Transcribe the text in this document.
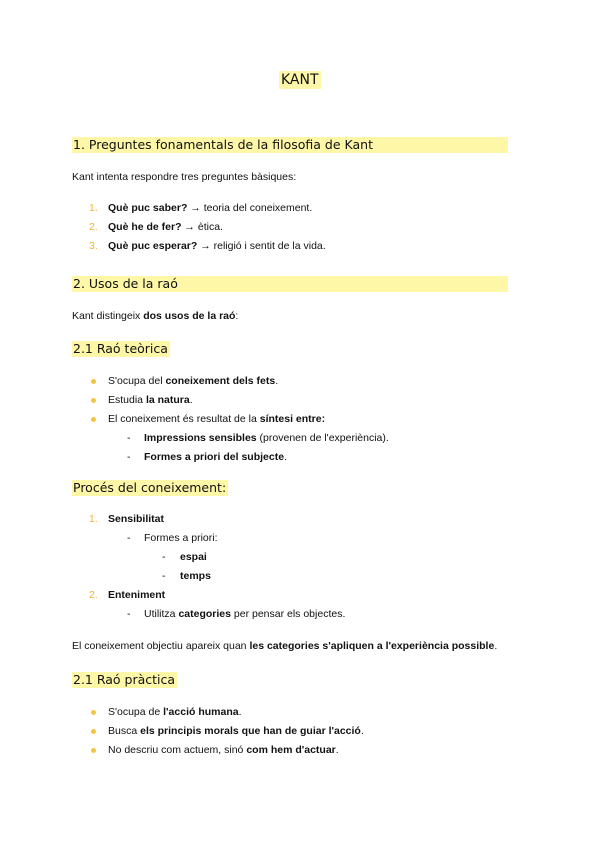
KANT
1. Preguntes fonamentals de la filosofia de Kant
Kant intenta respondre tres preguntes bàsiques:
1. Què puc saber? → teoria del coneixement.
2. Què he de fer? → ètica.
3. Què puc esperar? → religió i sentit de la vida.
2. Usos de la raó
Kant distingeix dos usos de la raó:
2.1 Raó teòrica
S'ocupa del coneixement dels fets.
Estudia la natura.
El coneixement és resultat de la síntesi entre:
- Impressions sensibles (provenen de l'experiència).
- Formes a priori del subjecte.
Procés del coneixement:
1. Sensibilitat
- Formes a priori:
- espai
- temps
2. Enteniment
- Utilitza categories per pensar els objectes.
El coneixement objectiu apareix quan les categories s'apliquen a l'experiència possible.
2.1 Raó pràctica
S'ocupa de l'acció humana.
Busca els principis morals que han de guiar l'acció.
No descriu com actuem, sinó com hem d'actuar.
